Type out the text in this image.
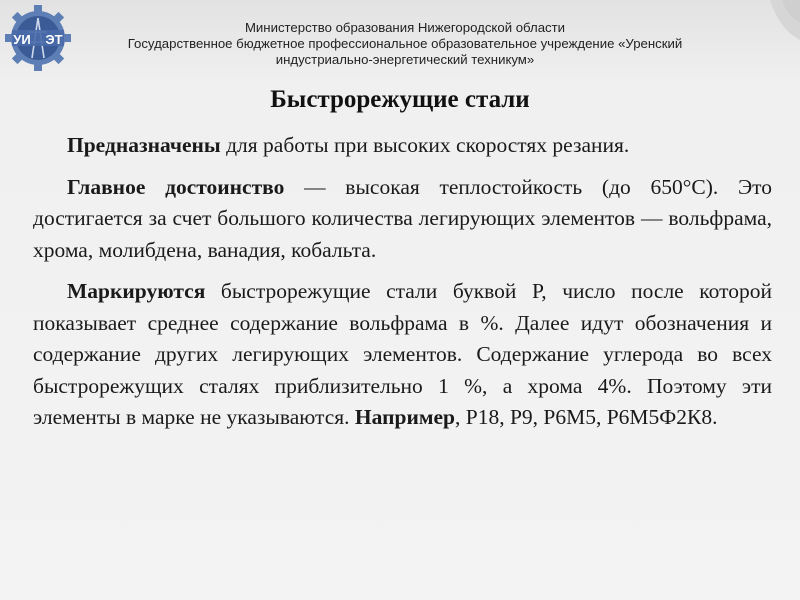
УИ ЭТ
Министерство образования Нижегородской области
Государственное бюджетное профессиональное образовательное учреждение «Уренский
индустриально-энергетический техникум»
Быстрорежущие стали

Предназначены для работы при высоких скоростях резания.

Главное достоинство — высокая теплостойкость (до 650°С). Это достигается за счет большого количества легирующих элементов — вольфрама, хрома, молибдена, ванадия, кобальта.

Маркируются быстрорежущие стали буквой Р, число после которой показывает среднее содержание вольфрама в %. Далее идут обозначения и содержание других легирующих элементов. Содержание углерода во всех быстрорежущих сталях приблизительно 1 %, а хрома 4%. Поэтому эти элементы в марке не указываются. Например, Р18, Р9, Р6М5, Р6М5Ф2К8.
